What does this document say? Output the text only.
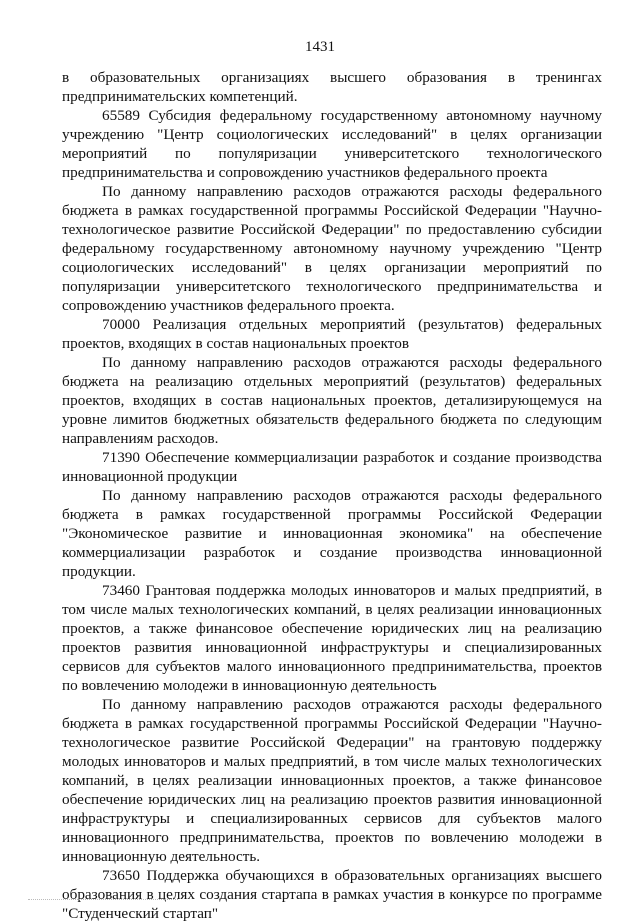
1431

в образовательных организациях высшего образования в тренингах предпринимательских компетенций.

65589 Субсидия федеральному государственному автономному научному учреждению "Центр социологических исследований" в целях организации мероприятий по популяризации университетского технологического предпринимательства и сопровождению участников федерального проекта

По данному направлению расходов отражаются расходы федерального бюджета в рамках государственной программы Российской Федерации "Научно-технологическое развитие Российской Федерации" по предоставлению субсидии федеральному государственному автономному научному учреждению "Центр социологических исследований" в целях организации мероприятий по популяризации университетского технологического предпринимательства и сопровождению участников федерального проекта.

70000 Реализация отдельных мероприятий (результатов) федеральных проектов, входящих в состав национальных проектов

По данному направлению расходов отражаются расходы федерального бюджета на реализацию отдельных мероприятий (результатов) федеральных проектов, входящих в состав национальных проектов, детализирующемуся на уровне лимитов бюджетных обязательств федерального бюджета по следующим направлениям расходов.

71390 Обеспечение коммерциализации разработок и создание производства инновационной продукции

По данному направлению расходов отражаются расходы федерального бюджета в рамках государственной программы Российской Федерации "Экономическое развитие и инновационная экономика" на обеспечение коммерциализации разработок и создание производства инновационной продукции.

73460 Грантовая поддержка молодых инноваторов и малых предприятий, в том числе малых технологических компаний, в целях реализации инновационных проектов, а также финансовое обеспечение юридических лиц на реализацию проектов развития инновационной инфраструктуры и специализированных сервисов для субъектов малого инновационного предпринимательства, проектов по вовлечению молодежи в инновационную деятельность

По данному направлению расходов отражаются расходы федерального бюджета в рамках государственной программы Российской Федерации "Научно-технологическое развитие Российской Федерации" на грантовую поддержку молодых инноваторов и малых предприятий, в том числе малых технологических компаний, в целях реализации инновационных проектов, а также финансовое обеспечение юридических лиц на реализацию проектов развития инновационной инфраструктуры и специализированных сервисов для субъектов малого инновационного предпринимательства, проектов по вовлечению молодежи в инновационную деятельность.

73650 Поддержка обучающихся в образовательных организациях высшего образования в целях создания стартапа в рамках участия в конкурсе по программе "Студенческий стартап"
